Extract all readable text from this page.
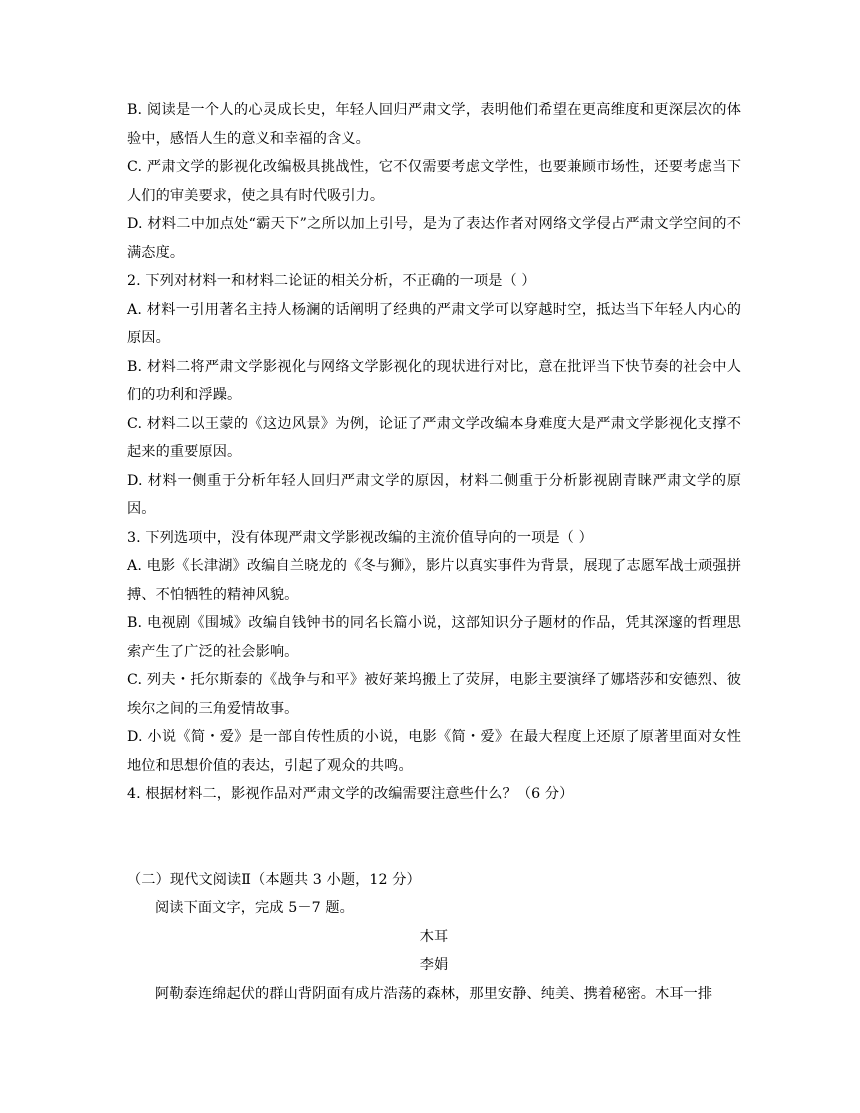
B. 阅读是一个人的心灵成长史，年轻人回归严肃文学，表明他们希望在更高维度和更深层次的体验中，感悟人生的意义和幸福的含义。

C. 严肃文学的影视化改编极具挑战性，它不仅需要考虑文学性，也要兼顾市场性，还要考虑当下人们的审美要求，使之具有时代吸引力。

D. 材料二中加点处“霸天下”之所以加上引号，是为了表达作者对网络文学侵占严肃文学空间的不满态度。

2. 下列对材料一和材料二论证的相关分析，不正确的一项是（ ）

A. 材料一引用著名主持人杨澜的话阐明了经典的严肃文学可以穿越时空，抵达当下年轻人内心的原因。

B. 材料二将严肃文学影视化与网络文学影视化的现状进行对比，意在批评当下快节奏的社会中人们的功利和浮躁。

C. 材料二以王蒙的《这边风景》为例，论证了严肃文学改编本身难度大是严肃文学影视化支撑不起来的重要原因。

D. 材料一侧重于分析年轻人回归严肃文学的原因，材料二侧重于分析影视剧青睐严肃文学的原因。

3. 下列选项中，没有体现严肃文学影视改编的主流价值导向的一项是（ ）

A. 电影《长津湖》改编自兰晓龙的《冬与狮》，影片以真实事件为背景，展现了志愿军战士顽强拼搏、不怕牺牲的精神风貌。

B. 电视剧《围城》改编自钱钟书的同名长篇小说，这部知识分子题材的作品，凭其深邃的哲理思索产生了广泛的社会影响。

C. 列夫・托尔斯泰的《战争与和平》被好莱坞搬上了荧屏，电影主要演绎了娜塔莎和安德烈、彼埃尔之间的三角爱情故事。

D. 小说《简・爱》是一部自传性质的小说，电影《简・爱》在最大程度上还原了原著里面对女性地位和思想价值的表达，引起了观众的共鸣。

4. 根据材料二，影视作品对严肃文学的改编需要注意些什么？（6 分）

（二）现代文阅读Ⅱ（本题共 3 小题，12 分）

阅读下面文字，完成 5－7 题。

木耳

李娟

阿勒泰连绵起伏的群山背阴面有成片浩荡的森林，那里安静、纯美、携着秘密。木耳一排
